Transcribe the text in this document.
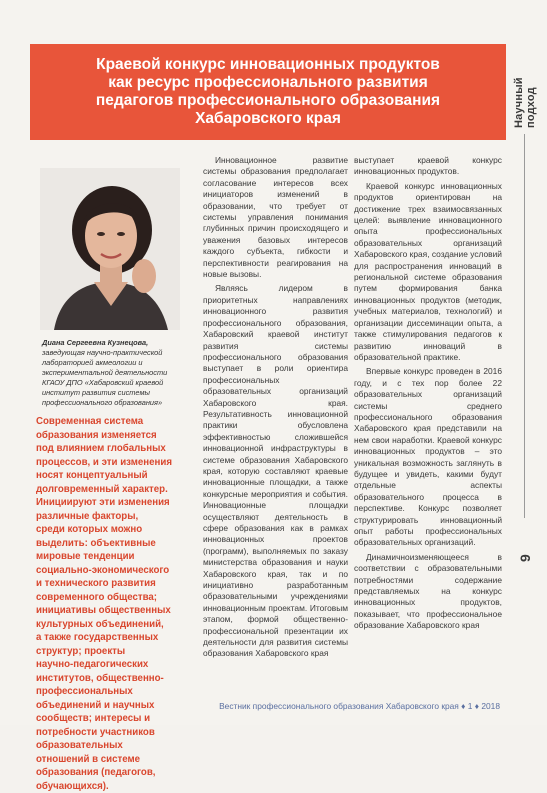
Научный подход
9
Краевой конкурс инновационных продуктов
как ресурс профессионального развития
педагогов профессионального образования
Хабаровского края
Диана Сергеевна Кузнецова,
заведующая научно-практической
лабораторией акмеологии и
экспериментальной деятельности
КГАОУ ДПО «Хабаровский краевой
институт развития системы
профессионального образования»
Современная система
образования изменяется
под влиянием глобальных
процессов, и эти изменения
носят концептуальный
долговременный характер.
Инициируют эти изменения
различные факторы,
среди которых можно
выделить: объективные
мировые тенденции
социально-экономического
и технического развития
современного общества;
инициативы общественных
культурных объединений,
а также государственных
структур; проекты
научно-педагогических
институтов, общественно-
профессиональных
объединений и научных
сообществ; интересы и
потребности участников
образовательных
отношений в системе
образования (педагогов,
обучающихся).

Инновационное развитие системы образования предполагает согласование интересов всех инициаторов изменений в образовании, что требует от системы управления понимания глубинных причин происходящего и уважения базовых интересов каждого субъекта, гибкости и перспективности реагирования на новые вызовы.

Являясь лидером в приоритетных направлениях инновационного развития профессионального образования, Хабаровский краевой институт развития системы профессионального образования выступает в роли ориентира профессиональных образовательных организаций Хабаровского края. Результативность инновационной практики обусловлена эффективностью сложившейся инновационной инфраструктуры в системе образования Хабаровского края, которую составляют краевые инновационные площадки, а также конкурсные мероприятия и события. Инновационные площадки осуществляют деятельность в сфере образования как в рамках инновационных проектов (программ), выполняемых по заказу министерства образования и науки Хабаровского края, так и по инициативно разработанным образовательными учреждениями инновационным проектам. Итоговым этапом, формой общественно-профессиональной презентации их деятельности для развития системы образования Хабаровского края

выступает краевой конкурс инновационных продуктов.

Краевой конкурс инновационных продуктов ориентирован на достижение трех взаимосвязанных целей: выявление инновационного опыта профессиональных образовательных организаций Хабаровского края, создание условий для распространения инноваций в региональной системе образования путем формирования банка инновационных продуктов (методик, учебных материалов, технологий) и организации диссеминации опыта, а также стимулирования педагогов к развитию инноваций в образовательной практике.

Впервые конкурс проведен в 2016 году, и с тех пор более 22 образовательных организаций системы среднего профессионального образования Хабаровского края представили на нем свои наработки. Краевой конкурс инновационных продуктов – это уникальная возможность заглянуть в будущее и увидеть, какими будут отдельные аспекты образовательного процесса в перспективе. Конкурс позволяет структурировать инновационный опыт работы профессиональных образовательных организаций.

Динамичноизменяющееся в соответствии с образовательными потребностями содержание представляемых на конкурс инновационных продуктов, показывает, что профессиональное образование Хабаровского края

Вестник профессионального образования Хабаровского края ♦ 1 ♦ 2018
